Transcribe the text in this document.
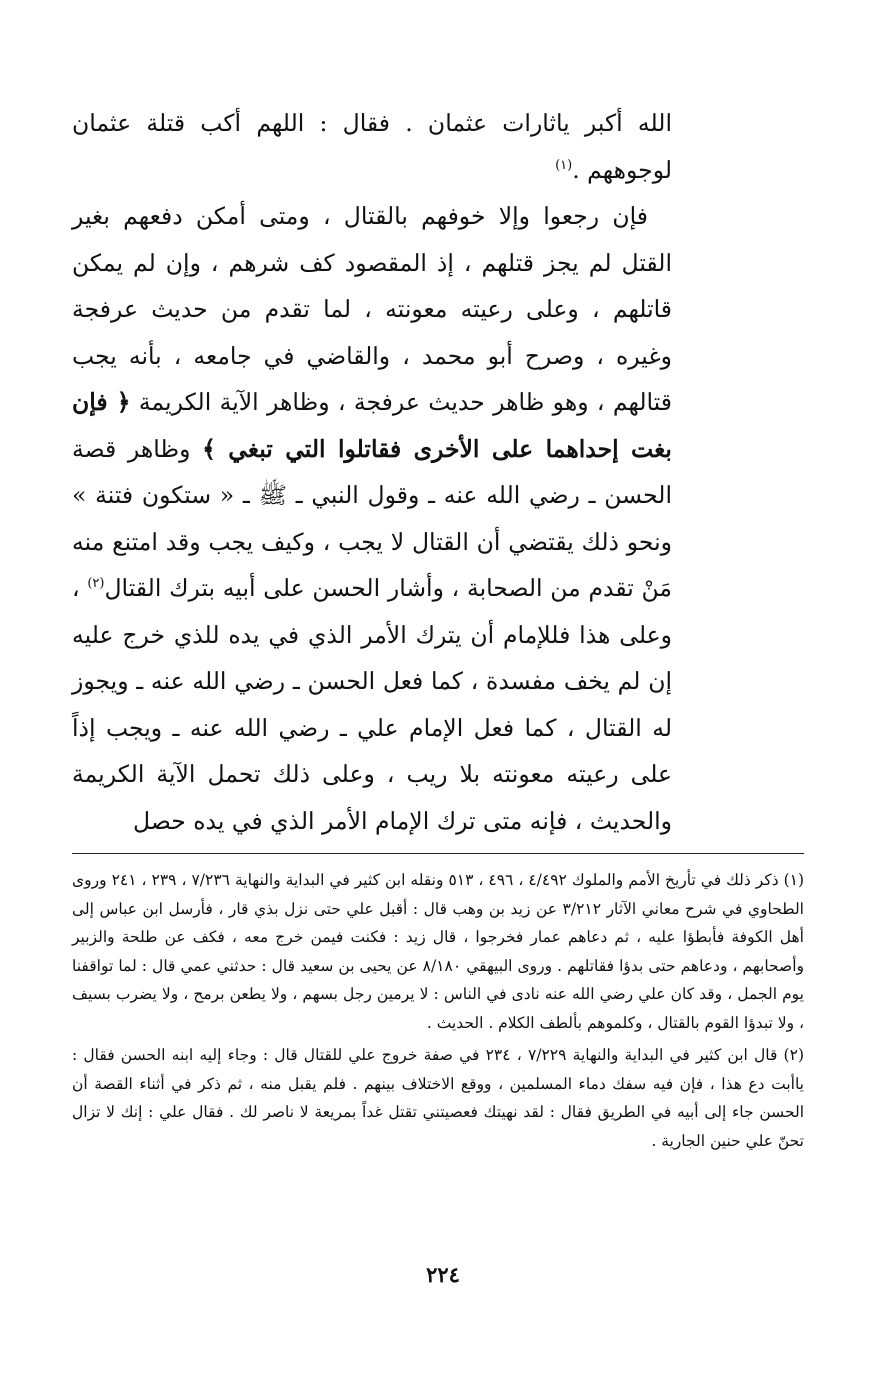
الله أكبر ياثارات عثمان . فقال : اللهم أكب قتلة عثمان لوجوههم .$^{(١)}$

فإن رجعوا وإلا خوفهم بالقتال ، ومتى أمكن دفعهم بغير القتل لم يجز قتلهم ، إذ المقصود كف شرهم ، وإن لم يمكن قاتلهم ، وعلى رعيته معونته ، لما تقدم من حديث عرفجة وغيره ، وصرح أبو محمد ، والقاضي في جامعه ، بأنه يجب قتالهم ، وهو ظاهر حديث عرفجة ، وظاهر الآية الكريمة ﴿ فإن بغت إحداهما على الأخرى فقاتلوا التي تبغي ﴾ وظاهر قصة الحسن ـ رضي الله عنه ـ وقول النبي ـ ﷺ ـ « ستكون فتنة » ونحو ذلك يقتضي أن القتال لا يجب ، وكيف يجب وقد امتنع منه مَنْ تقدم من الصحابة ، وأشار الحسن على أبيه بترك القتال$^{(٢)}$ ، وعلى هذا فللإمام أن يترك الأمر الذي في يده للذي خرج عليه إن لم يخف مفسدة ، كما فعل الحسن ـ رضي الله عنه ـ ويجوز له القتال ، كما فعل الإمام علي ـ رضي الله عنه ـ ويجب إذاً على رعيته معونته بلا ريب ، وعلى ذلك تحمل الآية الكريمة والحديث ، فإنه متى ترك الإمام الأمر الذي في يده حصل

(١) ذكر ذلك في تأريخ الأمم والملوك ٤/٤٩٢ ، ٤٩٦ ، ٥١٣ ونقله ابن كثير في البداية والنهاية ٧/٢٣٦ ، ٢٣٩ ، ٢٤١ وروى الطحاوي في شرح معاني الآثار ٣/٢١٢ عن زيد بن وهب قال : أقبل علي حتى نزل بذي قار ، فأرسل ابن عباس إلى أهل الكوفة فأبطؤا عليه ، ثم دعاهم عمار فخرجوا ، قال زيد : فكنت فيمن خرج معه ، فكف عن طلحة والزبير وأصحابهم ، ودعاهم حتى بدؤا فقاتلهم . وروى البيهقي ٨/١٨٠ عن يحيى بن سعيد قال : حدثني عمي قال : لما تواقفنا يوم الجمل ، وقد كان علي رضي الله عنه نادى في الناس : لا يرمين رجل بسهم ، ولا يطعن برمح ، ولا يضرب بسيف ، ولا تبدؤا القوم بالقتال ، وكلموهم بألطف الكلام . الحديث .

(٢) قال ابن كثير في البداية والنهاية ٧/٢٢٩ ، ٢٣٤ في صفة خروج علي للقتال قال : وجاء إليه ابنه الحسن فقال : ياأبت دع هذا ، فإن فيه سفك دماء المسلمين ، ووقع الاختلاف بينهم . فلم يقبل منه ، ثم ذكر في أثناء القصة أن الحسن جاء إلى أبيه في الطريق فقال : لقد نهيتك فعصيتني تقتل غداً بمريعة لا ناصر لك . فقال علي : إنك لا تزال تحنّ علي حنين الجارية .

٢٢٤
